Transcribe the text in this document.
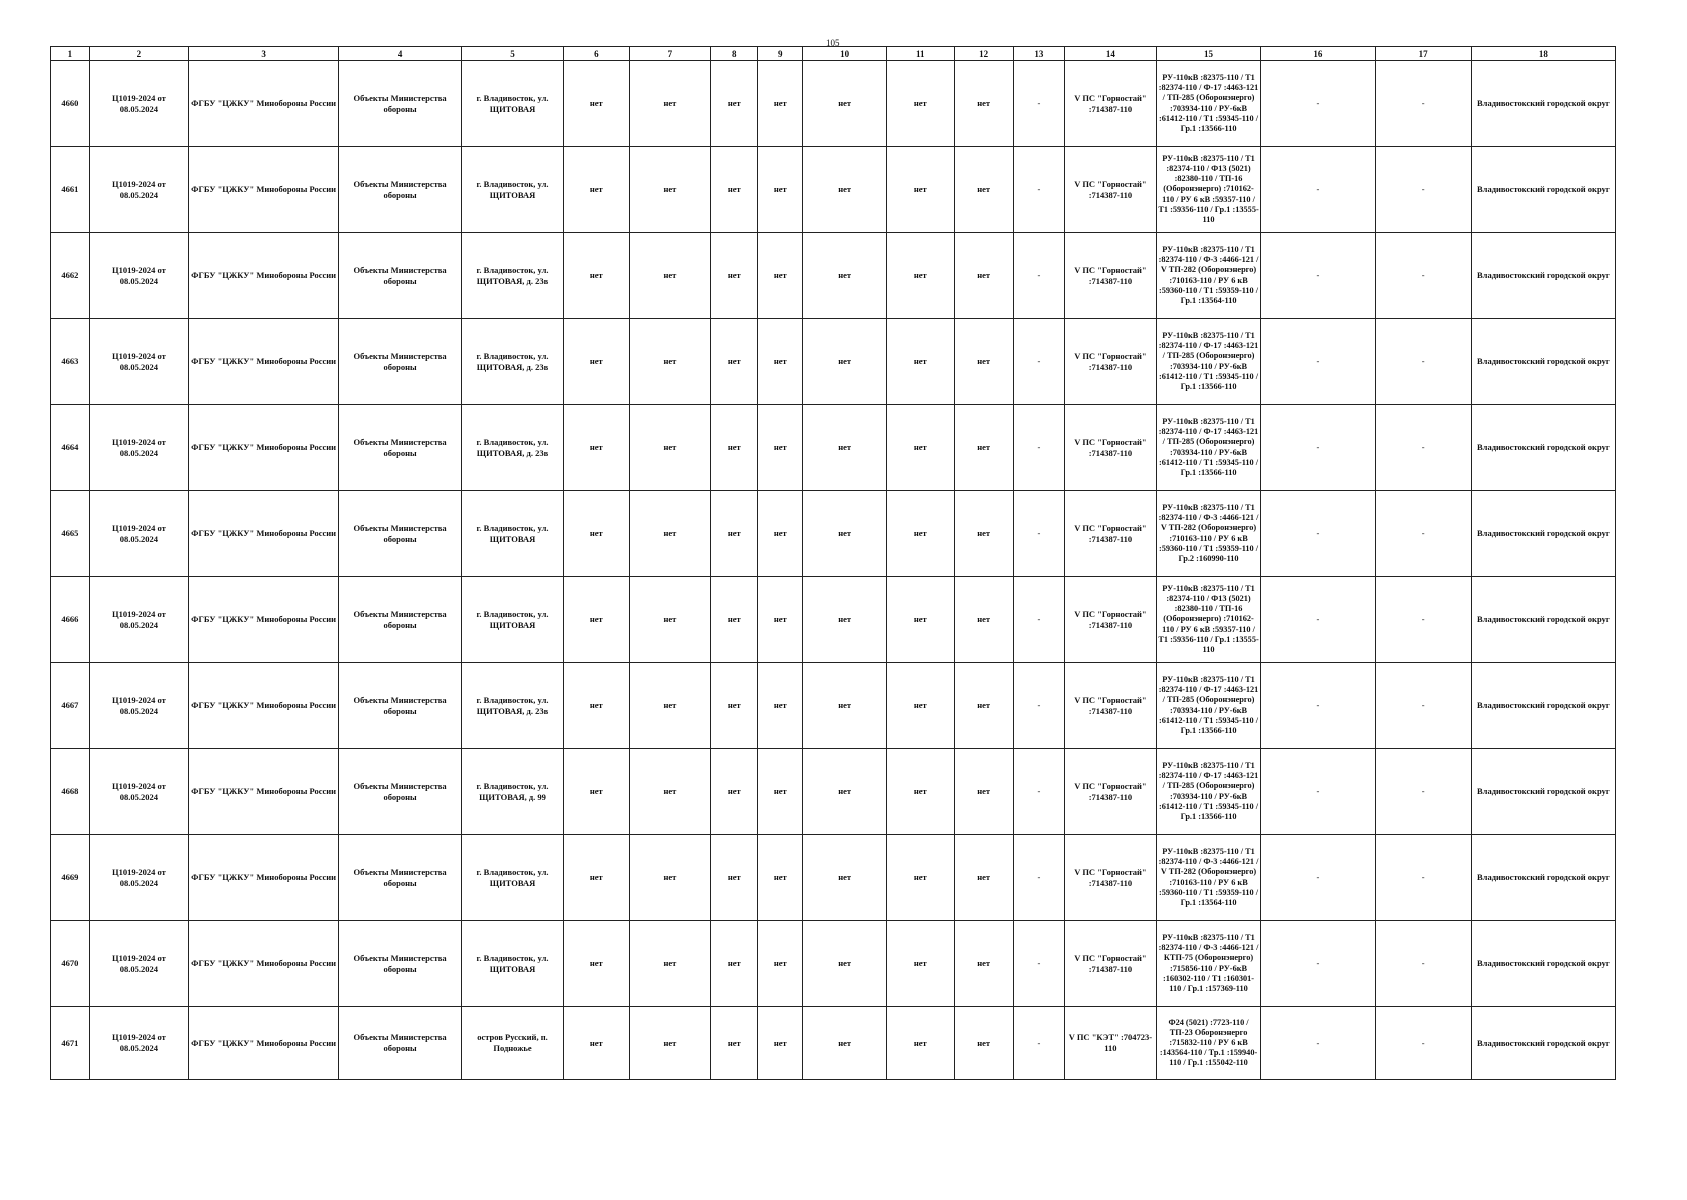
105
1	2	3	4	5	6	7	8	9	10	11	12	13	14	15	16	17	18
4660	Ц1019-2024 от 08.05.2024	ФГБУ "ЦЖКУ" Минобороны России	Объекты Министерства обороны	г. Владивосток, ул. ЩИТОВАЯ	нет	нет	нет	нет	нет	нет	нет	-	V ПС "Горностай" :714387-110	РУ-110кВ :82375-110 / Т1 :82374-110 / Ф-17 :4463-121 / ТП-285 (Оборонэнерго) :703934-110 / РУ-6кВ :61412-110 / Т1 :59345-110 / Гр.1 :13566-110	-	-	Владивостокский городской округ
4661	Ц1019-2024 от 08.05.2024	ФГБУ "ЦЖКУ" Минобороны России	Объекты Министерства обороны	г. Владивосток, ул. ЩИТОВАЯ	нет	нет	нет	нет	нет	нет	нет	-	V ПС "Горностай" :714387-110	РУ-110кВ :82375-110 / Т1 :82374-110 / Ф13 (5021) :82380-110 / ТП-16 (Оборонэнерго) :710162-110 / РУ 6 кВ :59357-110 / Т1 :59356-110 / Гр.1 :13555-110	-	-	Владивостокский городской округ
4662	Ц1019-2024 от 08.05.2024	ФГБУ "ЦЖКУ" Минобороны России	Объекты Министерства обороны	г. Владивосток, ул. ЩИТОВАЯ, д. 23в	нет	нет	нет	нет	нет	нет	нет	-	V ПС "Горностай" :714387-110	РУ-110кВ :82375-110 / Т1 :82374-110 / Ф-3 :4466-121 / V ТП-282 (Оборонэнерго) :710163-110 / РУ 6 кВ :59360-110 / Т1 :59359-110 / Гр.1 :13564-110	-	-	Владивостокский городской округ
4663	Ц1019-2024 от 08.05.2024	ФГБУ "ЦЖКУ" Минобороны России	Объекты Министерства обороны	г. Владивосток, ул. ЩИТОВАЯ, д. 23в	нет	нет	нет	нет	нет	нет	нет	-	V ПС "Горностай" :714387-110	РУ-110кВ :82375-110 / Т1 :82374-110 / Ф-17 :4463-121 / ТП-285 (Оборонэнерго) :703934-110 / РУ-6кВ :61412-110 / Т1 :59345-110 / Гр.1 :13566-110	-	-	Владивостокский городской округ
4664	Ц1019-2024 от 08.05.2024	ФГБУ "ЦЖКУ" Минобороны России	Объекты Министерства обороны	г. Владивосток, ул. ЩИТОВАЯ, д. 23в	нет	нет	нет	нет	нет	нет	нет	-	V ПС "Горностай" :714387-110	РУ-110кВ :82375-110 / Т1 :82374-110 / Ф-17 :4463-121 / ТП-285 (Оборонэнерго) :703934-110 / РУ-6кВ :61412-110 / Т1 :59345-110 / Гр.1 :13566-110	-	-	Владивостокский городской округ
4665	Ц1019-2024 от 08.05.2024	ФГБУ "ЦЖКУ" Минобороны России	Объекты Министерства обороны	г. Владивосток, ул. ЩИТОВАЯ	нет	нет	нет	нет	нет	нет	нет	-	V ПС "Горностай" :714387-110	РУ-110кВ :82375-110 / Т1 :82374-110 / Ф-3 :4466-121 / V ТП-282 (Оборонэнерго) :710163-110 / РУ 6 кВ :59360-110 / Т1 :59359-110 / Гр.2 :160990-110	-	-	Владивостокский городской округ
4666	Ц1019-2024 от 08.05.2024	ФГБУ "ЦЖКУ" Минобороны России	Объекты Министерства обороны	г. Владивосток, ул. ЩИТОВАЯ	нет	нет	нет	нет	нет	нет	нет	-	V ПС "Горностай" :714387-110	РУ-110кВ :82375-110 / Т1 :82374-110 / Ф13 (5021) :82380-110 / ТП-16 (Оборонэнерго) :710162-110 / РУ 6 кВ :59357-110 / Т1 :59356-110 / Гр.1 :13555-110	-	-	Владивостокский городской округ
4667	Ц1019-2024 от 08.05.2024	ФГБУ "ЦЖКУ" Минобороны России	Объекты Министерства обороны	г. Владивосток, ул. ЩИТОВАЯ, д. 23в	нет	нет	нет	нет	нет	нет	нет	-	V ПС "Горностай" :714387-110	РУ-110кВ :82375-110 / Т1 :82374-110 / Ф-17 :4463-121 / ТП-285 (Оборонэнерго) :703934-110 / РУ-6кВ :61412-110 / Т1 :59345-110 / Гр.1 :13566-110	-	-	Владивостокский городской округ
4668	Ц1019-2024 от 08.05.2024	ФГБУ "ЦЖКУ" Минобороны России	Объекты Министерства обороны	г. Владивосток, ул. ЩИТОВАЯ, д. 99	нет	нет	нет	нет	нет	нет	нет	-	V ПС "Горностай" :714387-110	РУ-110кВ :82375-110 / Т1 :82374-110 / Ф-17 :4463-121 / ТП-285 (Оборонэнерго) :703934-110 / РУ-6кВ :61412-110 / Т1 :59345-110 / Гр.1 :13566-110	-	-	Владивостокский городской округ
4669	Ц1019-2024 от 08.05.2024	ФГБУ "ЦЖКУ" Минобороны России	Объекты Министерства обороны	г. Владивосток, ул. ЩИТОВАЯ	нет	нет	нет	нет	нет	нет	нет	-	V ПС "Горностай" :714387-110	РУ-110кВ :82375-110 / Т1 :82374-110 / Ф-3 :4466-121 / V ТП-282 (Оборонэнерго) :710163-110 / РУ 6 кВ :59360-110 / Т1 :59359-110 / Гр.1 :13564-110	-	-	Владивостокский городской округ
4670	Ц1019-2024 от 08.05.2024	ФГБУ "ЦЖКУ" Минобороны России	Объекты Министерства обороны	г. Владивосток, ул. ЩИТОВАЯ	нет	нет	нет	нет	нет	нет	нет	-	V ПС "Горностай" :714387-110	РУ-110кВ :82375-110 / Т1 :82374-110 / Ф-3 :4466-121 / КТП-75 (Оборонэнерго) :715856-110 / РУ-6кВ :160302-110 / Т1 :160301-110 / Гр.1 :157369-110	-	-	Владивостокский городской округ
4671	Ц1019-2024 от 08.05.2024	ФГБУ "ЦЖКУ" Минобороны России	Объекты Министерства обороны	остров Русский, п. Подножье	нет	нет	нет	нет	нет	нет	нет	-	V ПС "КЭТ" :704723-110	Ф24 (5021) :7723-110 / ТП-23 Оборонэнерго :715832-110 / РУ 6 кВ :143564-110 / Тр.1 :159940-110 / Гр.1 :155042-110	-	-	Владивостокский городской округ
